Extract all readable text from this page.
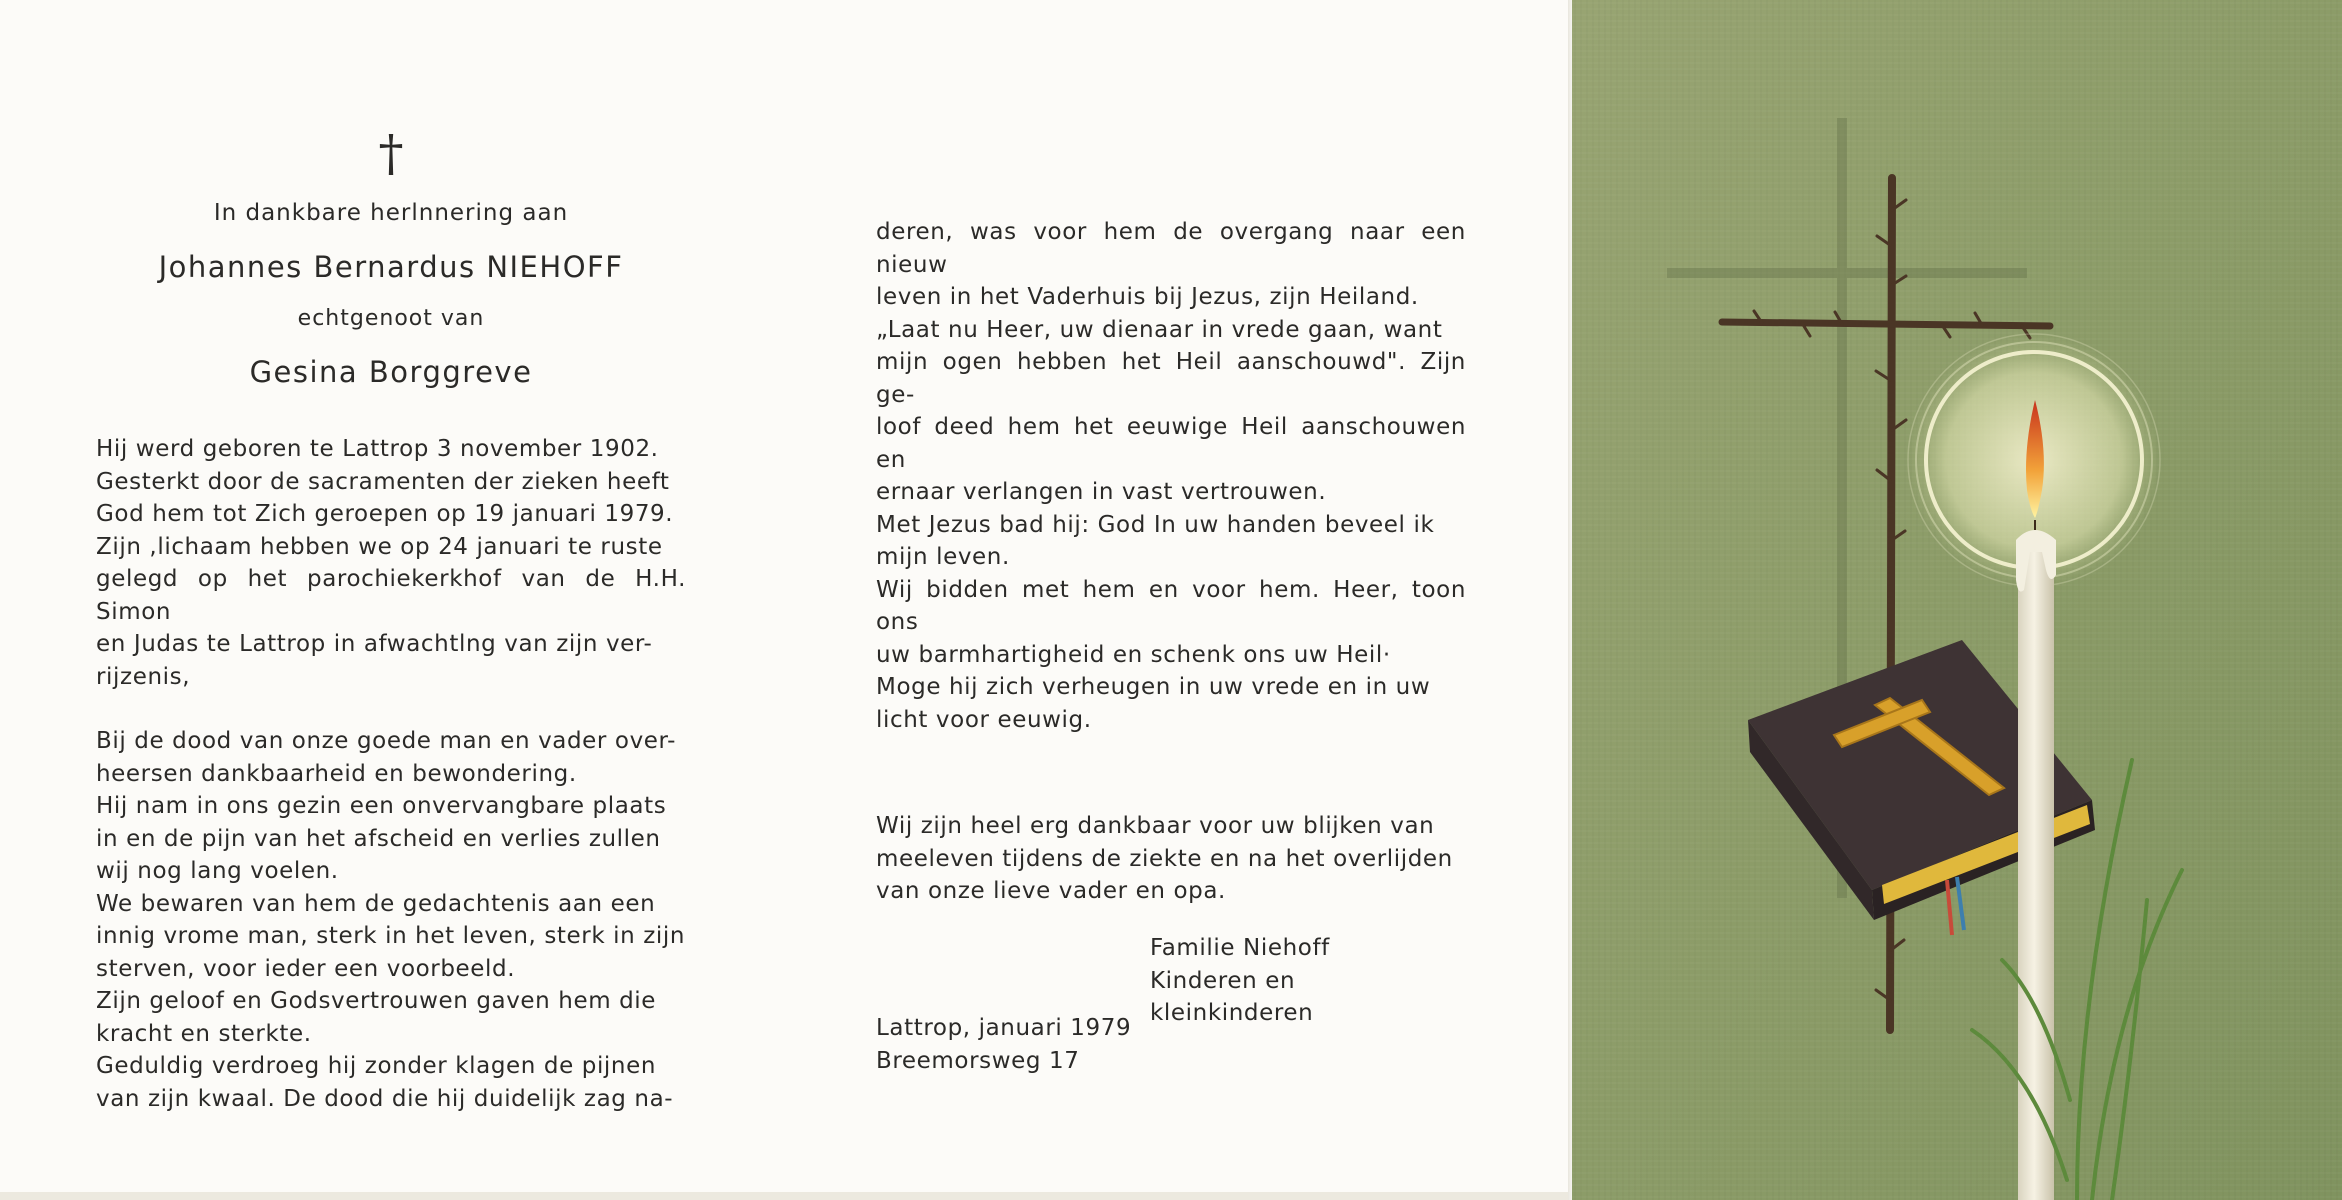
†
In dankbare herlnnering aan
Johannes Bernardus NIEHOFF
echtgenoot van
Gesina Borggreve

Hij werd geboren te Lattrop 3 november 1902.

Gesterkt door de sacramenten der zieken heeft

God hem tot Zich geroepen op 19 januari 1979.

Zijn ,lichaam hebben we op 24 januari te ruste

gelegd op het parochiekerkhof van de H.H. Simon

en Judas te Lattrop in afwachtlng van zijn ver-

rijzenis,

Bij de dood van onze goede man en vader over-

heersen dankbaarheid en bewondering.

Hij nam in ons gezin een onvervangbare plaats

in en de pijn van het afscheid en verlies zullen

wij nog lang voelen.

We bewaren van hem de gedachtenis aan een

innig vrome man, sterk in het leven, sterk in zijn

sterven, voor ieder een voorbeeld.

Zijn geloof en Godsvertrouwen gaven hem die

kracht en sterkte.

Geduldig verdroeg hij zonder klagen de pijnen

van zijn kwaal. De dood die hij duidelijk zag na-

deren, was voor hem de overgang naar een nieuw

leven in het Vaderhuis bij Jezus, zijn Heiland.

„Laat nu Heer, uw dienaar in vrede gaan, want

mijn ogen hebben het Heil aanschouwd". Zijn ge-

loof deed hem het eeuwige Heil aanschouwen en

ernaar verlangen in vast vertrouwen.

Met Jezus bad hij: God In uw handen beveel ik

mijn leven.

Wij bidden met hem en voor hem. Heer, toon ons

uw barmhartigheid en schenk ons uw Heil·

Moge hij zich verheugen in uw vrede en in uw

licht voor eeuwig.

Wij zijn heel erg dankbaar voor uw blijken van

meeleven tijdens de ziekte en na het overlijden

van onze lieve vader en opa.

Familie Niehoff
Kinderen en kleinkinderen
Lattrop, januari 1979
Breemorsweg 17
